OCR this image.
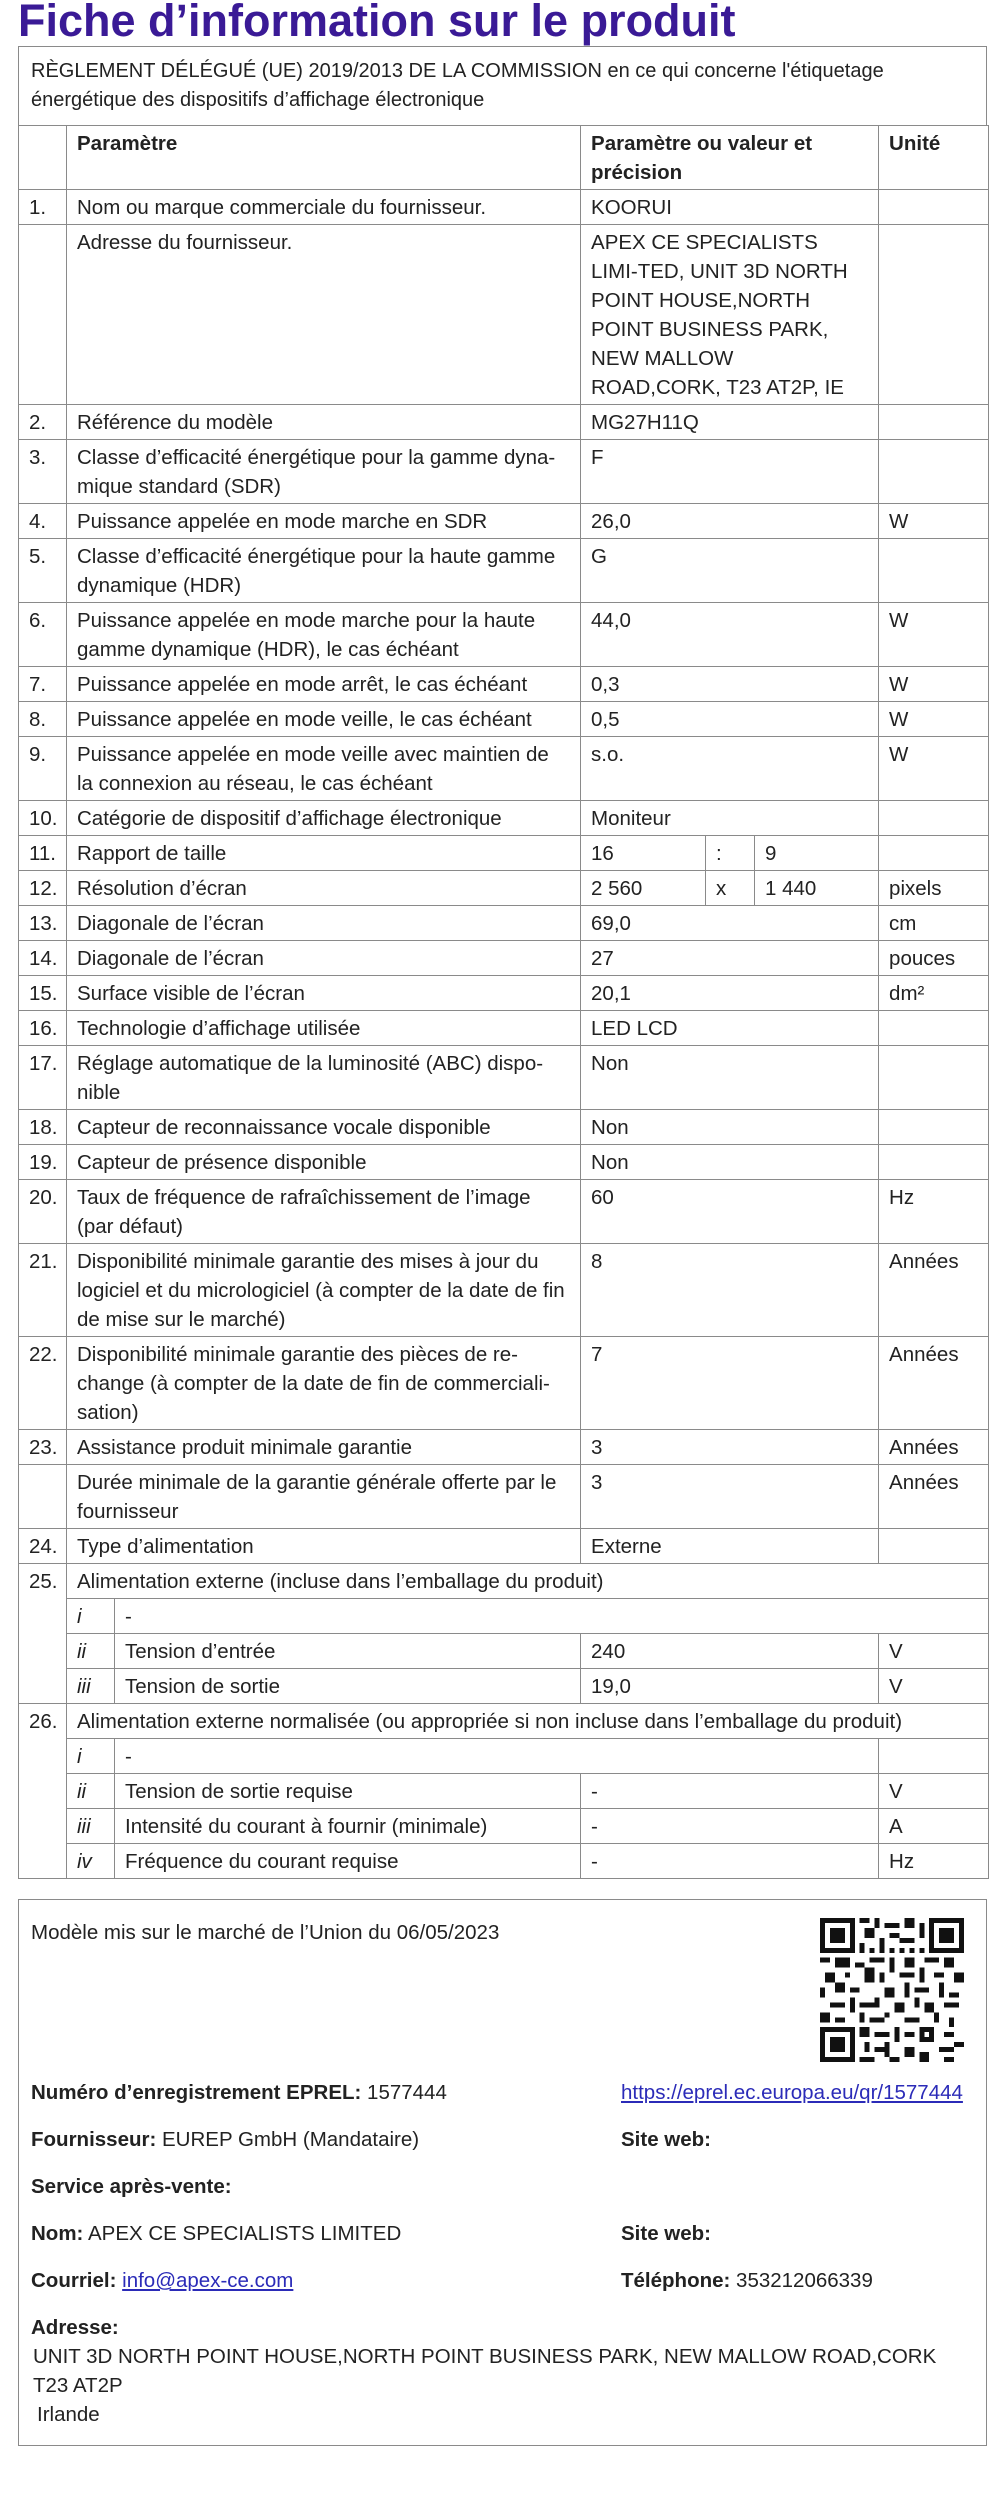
Fiche d’information sur le produit
RÈGLEMENT DÉLÉGUÉ (UE) 2019/2013 DE LA COMMISSION en ce qui concerne l'étiquetage énergétique des dispositifs d’affichage électronique
	Paramètre		Paramètre ou valeur et précision			Unité
1.	Nom ou marque commerciale du fournisseur.		KOORUI			
	Adresse du fournisseur.		APEX CE SPECIALISTS LIMI-TED, UNIT 3D NORTH POINT HOUSE,NORTH POINT BUSINESS PARK, NEW MALLOW ROAD,CORK, T23 AT2P, IE			
2.	Référence du modèle		MG27H11Q			
3.	Classe d’efficacité énergétique pour la gamme dyna-mique standard (SDR)		F			
4.	Puissance appelée en mode marche en SDR		26,0			W
5.	Classe d’efficacité énergétique pour la haute gamme dynamique (HDR)		G			
6.	Puissance appelée en mode marche pour la haute gamme dynamique (HDR), le cas échéant		44,0			W
7.	Puissance appelée en mode arrêt, le cas échéant		0,3			W
8.	Puissance appelée en mode veille, le cas échéant		0,5			W
9.	Puissance appelée en mode veille avec maintien de la connexion au réseau, le cas échéant		s.o.			W
10.	Catégorie de dispositif d’affichage électronique		Moniteur			
11.	Rapport de taille		16	:	9	
12.	Résolution d’écran		2 560	x	1 440	pixels
13.	Diagonale de l’écran		69,0			cm
14.	Diagonale de l’écran		27			pouces
15.	Surface visible de l’écran		20,1			dm²
16.	Technologie d’affichage utilisée		LED LCD			
17.	Réglage automatique de la luminosité (ABC) dispo-nible		Non			
18.	Capteur de reconnaissance vocale disponible		Non			
19.	Capteur de présence disponible		Non			
20.	Taux de fréquence de rafraîchissement de l’image (par défaut)		60			Hz
21.	Disponibilité minimale garantie des mises à jour du logiciel et du micrologiciel (à compter de la date de fin de mise sur le marché)		8			Années
22.	Disponibilité minimale garantie des pièces de re-change (à compter de la date de fin de commerciali-sation)		7			Années
23.	Assistance produit minimale garantie		3			Années
	Durée minimale de la garantie générale offerte par le fournisseur		3			Années
24.	Type d’alimentation		Externe			
25.	Alimentation externe (incluse dans l’emballage du produit)					
	i	-				
	ii	Tension d’entrée	240			V
	iii	Tension de sortie	19,0			V
26.	Alimentation externe normalisée (ou appropriée si non incluse dans l’emballage du produit)					
	i	-				
	ii	Tension de sortie requise	-			V
	iii	Intensité du courant à fournir (minimale)	-			A
	iv	Fréquence du courant requise	-			Hz
Modèle mis sur le marché de l’Union du 06/05/2023
Numéro d’enregistrement EPREL: 1577444	https://eprel.ec.europa.eu/qr/1577444
Fournisseur: EUREP GmbH (Mandataire)	Site web:
Service après-vente:
Nom: APEX CE SPECIALISTS LIMITED	Site web:
Courriel: info@apex-ce.com	Téléphone: 353212066339
Adresse:
UNIT 3D NORTH POINT HOUSE,NORTH POINT BUSINESS PARK, NEW MALLOW ROAD,CORK
T23 AT2P
Irlande
